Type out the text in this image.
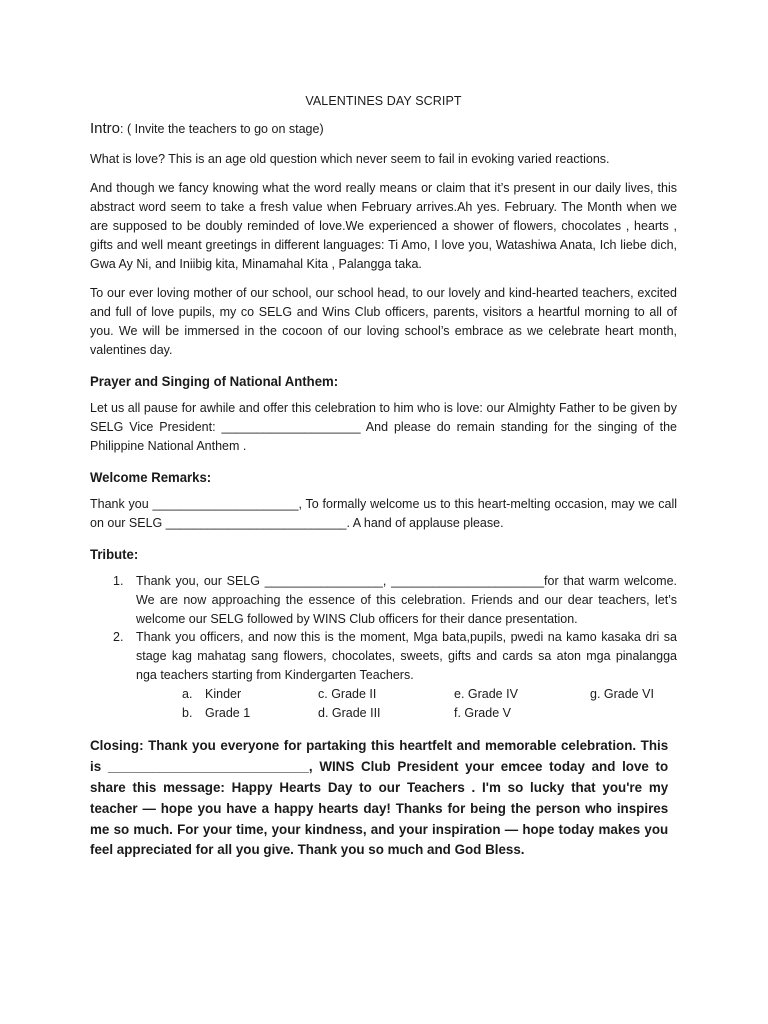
VALENTINES DAY SCRIPT
Intro: ( Invite the teachers to go on stage)

What is love? This is an age old question which never seem to fail in evoking varied reactions.

And though we fancy knowing what the word really means or claim that it’s present in our daily lives, this abstract word seem to take a fresh value when February arrives.Ah yes. February. The Month when we are supposed to be doubly reminded of love.We experienced a shower of flowers, chocolates , hearts , gifts and well meant greetings in different languages: Ti Amo, I love you, Watashiwa Anata, Ich liebe dich, Gwa Ay Ni, and Iniibig kita, Minamahal Kita , Palangga taka.

To our ever loving mother of our school, our school head, to our lovely and kind-hearted teachers, excited and full of love pupils, my co SELG and Wins Club officers, parents, visitors a heartful morning to all of you. We will be immersed in the cocoon of our loving school’s embrace as we celebrate heart month, valentines day.

Prayer and Singing of National Anthem:

Let us all pause for awhile and offer this celebration to him who is love: our Almighty Father to be given by SELG Vice President: ____________________ And please do remain standing for the singing of the Philippine National Anthem .

Welcome Remarks:

Thank you _____________________, To formally welcome us to this heart-melting occasion, may we call on our SELG __________________________. A hand of applause please.

Tribute:
1. Thank you, our SELG _________________, ______________________for that warm welcome. We are now approaching the essence of this celebration. Friends and our dear teachers, let’s welcome our SELG followed by WINS Club officers for their dance presentation.
2. Thank you officers, and now this is the moment, Mga bata,pupils, pwedi na kamo kasaka dri sa stage kag mahatag sang flowers, chocolates, sweets, gifts and cards sa aton mga pinalangga nga teachers starting from Kindergarten Teachers.
a.	Kinder	c. Grade II	e. Grade IV	g. Grade VI
b.	Grade 1	d. Grade III	f. Grade V

Closing: Thank you everyone for partaking this heartfelt and memorable celebration. This is ___________________________, WINS Club President your emcee today and love to share this message: Happy Hearts Day to our Teachers . I'm so lucky that you're my teacher — hope you have a happy hearts day! Thanks for being the person who inspires me so much. For your time, your kindness, and your inspiration — hope today makes you feel appreciated for all you give. Thank you so much and God Bless.
